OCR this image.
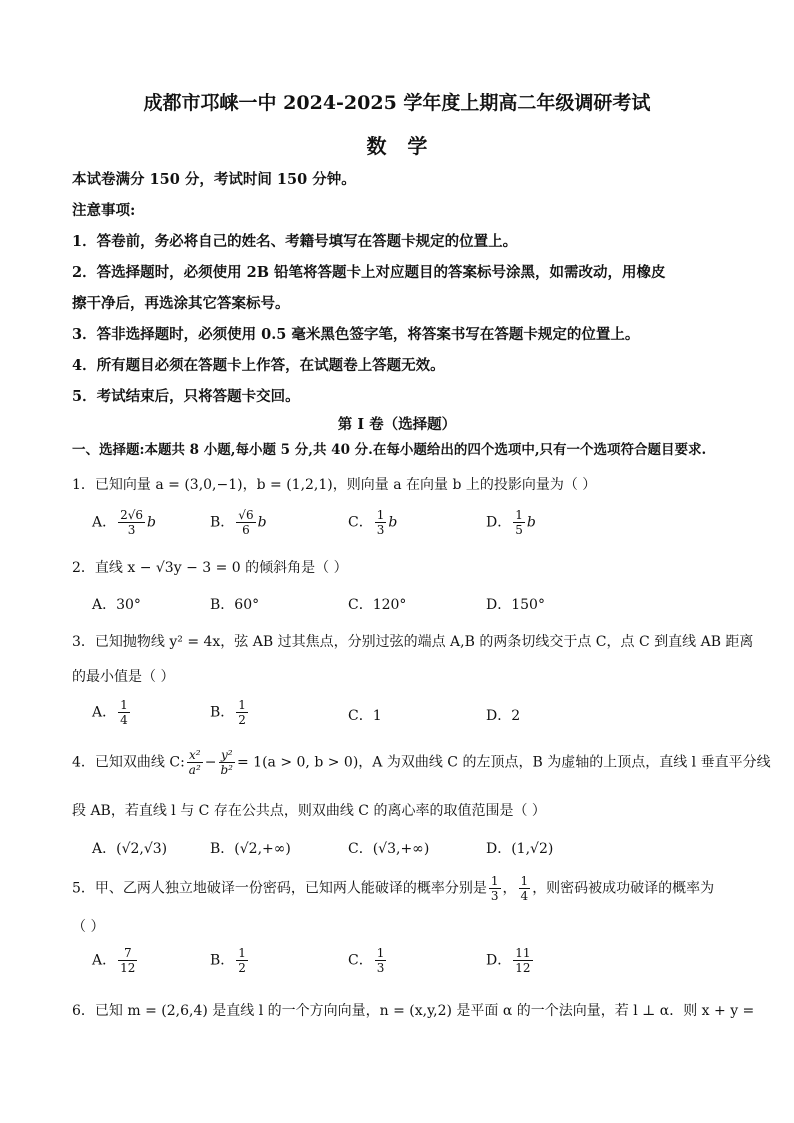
成都市邛崃一中 2024-2025 学年度上期高二年级调研考试
数   学
本试卷满分 150 分，考试时间 150 分钟。
注意事项:
1．答卷前，务必将自己的姓名、考籍号填写在答题卡规定的位置上。
2．答选择题时，必须使用 2B 铅笔将答题卡上对应题目的答案标号涂黑，如需改动，用橡皮
擦干净后，再选涂其它答案标号。
3．答非选择题时，必须使用 0.5 毫米黑色签字笔，将答案书写在答题卡规定的位置上。
4．所有题目必须在答题卡上作答，在试题卷上答题无效。
5．考试结束后，只将答题卡交回。
第 I 卷（选择题）
一、选择题:本题共 8 小题,每小题 5 分,共 40 分.在每小题给出的四个选项中,只有一个选项符合题目要求.
1．已知向量 a = (3,0,−1)，b = (1,2,1)，则向量 a 在向量 b 上的投影向量为（ ）
A． $\frac{2√6}{3}$ b	B． $\frac{√6}{6}$ b	C． $\frac{1}{3}$ b	D． $\frac{1}{5}$ b
2．直线 x − √3y − 3 = 0 的倾斜角是（ ）
A．30°	B．60°	C．120°	D．150°
3．已知抛物线 y² = 4x，弦 AB 过其焦点，分别过弦的端点 A,B 的两条切线交于点 C，点 C 到直线 AB 距离
的最小值是（ ）
A． $\frac{1}{4}$	B． $\frac{1}{2}$	C．1	D．2
4．已知双曲线 C: $\frac{\text{x²}}{\text{a²}} - \frac{\text{y²}}{\text{b²}} = 1(a > 0$, b > 0)，A 为双曲线 C 的左顶点，B 为虚轴的上顶点，直线 l 垂直平分线
段 AB，若直线 l 与 C 存在公共点，则双曲线 C 的离心率的取值范围是（ ）
A．(√2,√3)	B．(√2,+∞)	C．(√3,+∞)	D．(1,√2)
5．甲、乙两人独立地破译一份密码，已知两人能破译的概率分别是 $\frac{1}{3}$ ， $\frac{1}{4}$ ，则密码被成功破译的概率为
（ ）
A． $\frac{7}{12}$	B． $\frac{1}{2}$	C． $\frac{1}{3}$	D． $\frac{11}{12}$
6．已知 m = (2,6,4) 是直线 l 的一个方向向量，n = (x,y,2) 是平面 α 的一个法向量，若 l ⊥ α．则 x + y =
